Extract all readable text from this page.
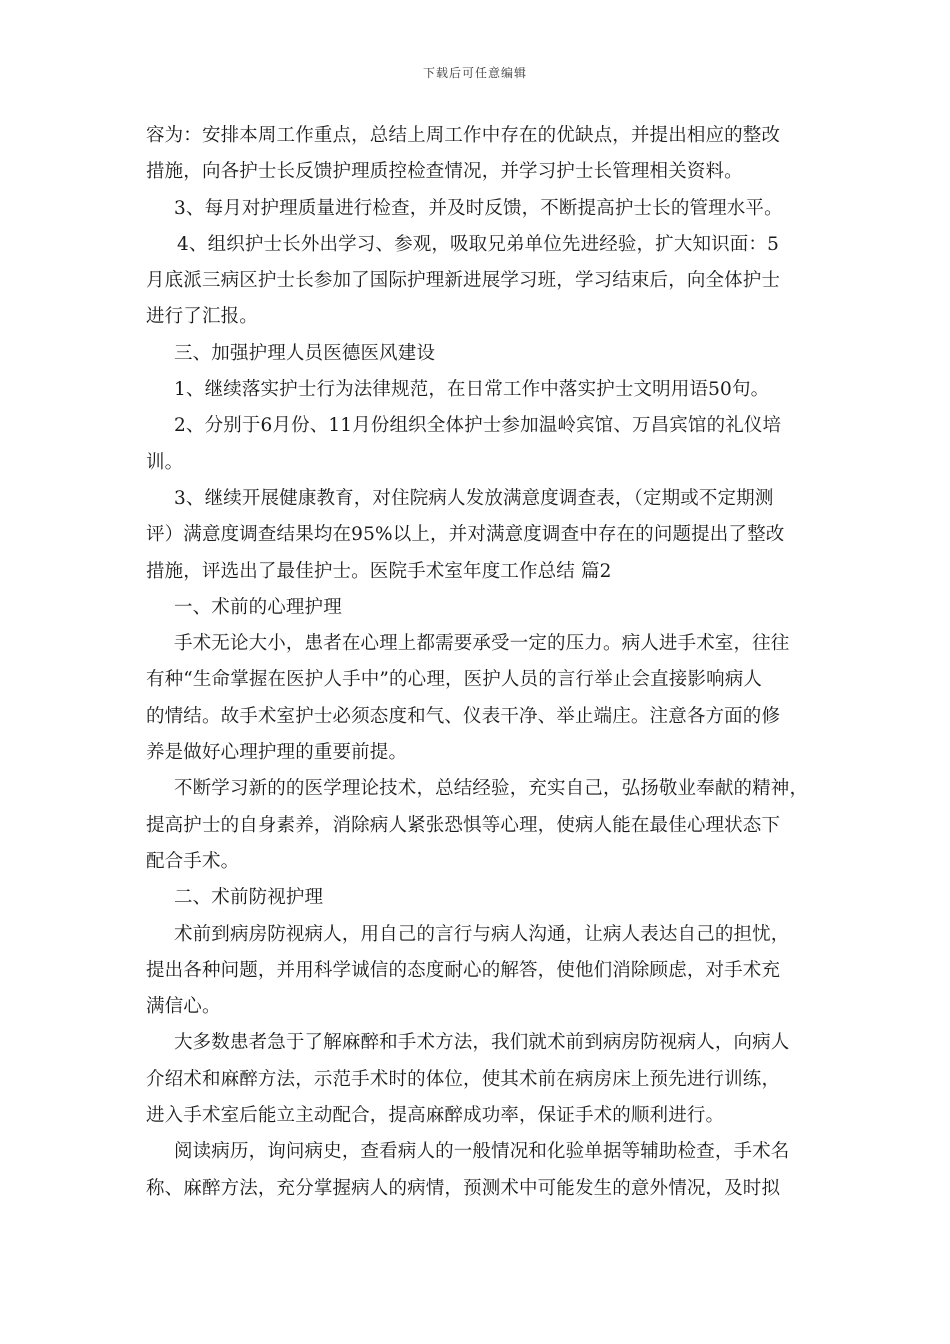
下载后可任意编辑
容为：安排本周工作重点，总结上周工作中存在的优缺点，并提出相应的整改
措施，向各护士长反馈护理质控检查情况，并学习护士长管理相关资料。
3、每月对护理质量进行检查，并及时反馈，不断提高护士长的管理水平。
4、组织护士长外出学习、参观，吸取兄弟单位先进经验，扩大知识面：5
月底派三病区护士长参加了国际护理新进展学习班，学习结束后，向全体护士
进行了汇报。
三、加强护理人员医德医风建设
1、继续落实护士行为法律规范，在日常工作中落实护士文明用语50句。
2、分别于6月份、11月份组织全体护士参加温岭宾馆、万昌宾馆的礼仪培
训。
3、继续开展健康教育，对住院病人发放满意度调查表，（定期或不定期测
评）满意度调查结果均在95%以上，并对满意度调查中存在的问题提出了整改
措施，评选出了最佳护士。医院手术室年度工作总结 篇2
一、术前的心理护理
手术无论大小，患者在心理上都需要承受一定的压力。病人进手术室，往往
有种“生命掌握在医护人手中”的心理，医护人员的言行举止会直接影响病人
的情结。故手术室护士必须态度和气、仪表干净、举止端庄。注意各方面的修
养是做好心理护理的重要前提。
不断学习新的的医学理论技术，总结经验，充实自己，弘扬敬业奉献的精神，
提高护士的自身素养，消除病人紧张恐惧等心理，使病人能在最佳心理状态下
配合手术。
二、术前防视护理
术前到病房防视病人，用自己的言行与病人沟通，让病人表达自己的担忧，
提出各种问题，并用科学诚信的态度耐心的解答，使他们消除顾虑，对手术充
满信心。
大多数患者急于了解麻醉和手术方法，我们就术前到病房防视病人，向病人
介绍术和麻醉方法，示范手术时的体位，使其术前在病房床上预先进行训练，
进入手术室后能立主动配合，提高麻醉成功率，保证手术的顺利进行。
阅读病历，询问病史，查看病人的一般情况和化验单据等辅助检查，手术名
称、麻醉方法，充分掌握病人的病情，预测术中可能发生的意外情况，及时拟
